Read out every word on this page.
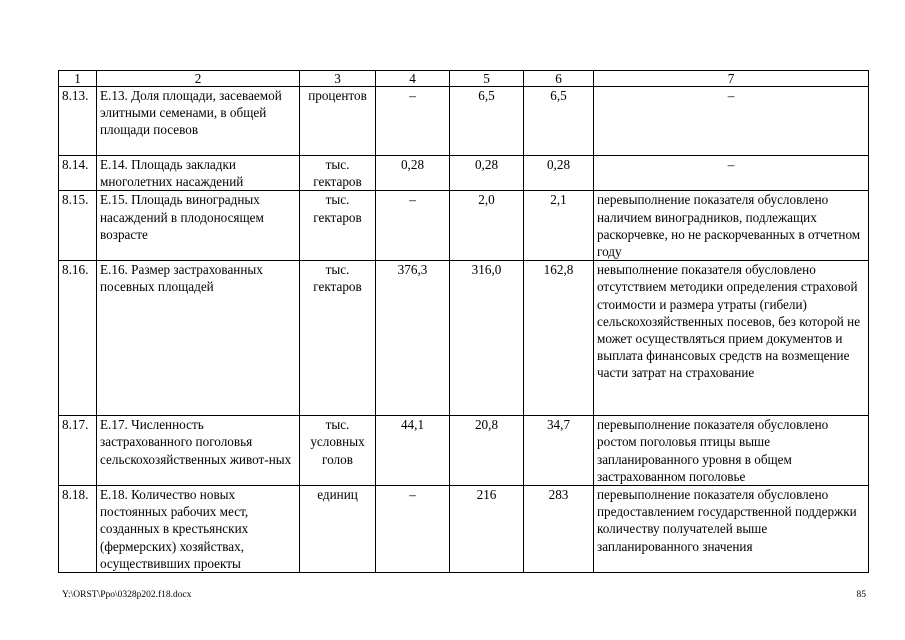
1	2	3	4	5	6	7
8.13.	Е.13. Доля площади, засеваемой элитными семенами, в общей площади посевов	процентов	–	6,5	6,5	–
8.14.	Е.14. Площадь закладки многолетних насаждений	тыс. гектаров	0,28	0,28	0,28	–
8.15.	Е.15. Площадь виноградных насаждений в плодоносящем возрасте	тыс. гектаров	–	2,0	2,1	перевыполнение показателя обусловлено наличием виноградников, подлежащих раскорчевке, но не раскорчеванных в отчетном году
8.16.	Е.16. Размер застрахованных посевных площадей	тыс. гектаров	376,3	316,0	162,8	невыполнение показателя обусловлено отсутствием методики определения страховой стоимости и размера утраты (гибели) сельскохозяйственных посевов, без которой не может осуществляться прием документов и выплата финансовых средств на возмещение части затрат на страхование
8.17.	Е.17. Численность застрахованного поголовья сельскохозяйственных живот-ных	тыс. условных голов	44,1	20,8	34,7	перевыполнение показателя обусловлено ростом поголовья птицы выше запланированного уровня в общем застрахованном поголовье
8.18.	Е.18. Количество новых постоянных рабочих мест, созданных в крестьянских (фермерских) хозяйствах, осуществивших проекты	единиц	–	216	283	перевыполнение показателя обусловлено предоставлением государственной поддержки количеству получателей выше запланированного значения
Y:\ORST\Ppo\0328p202.f18.docx	85
